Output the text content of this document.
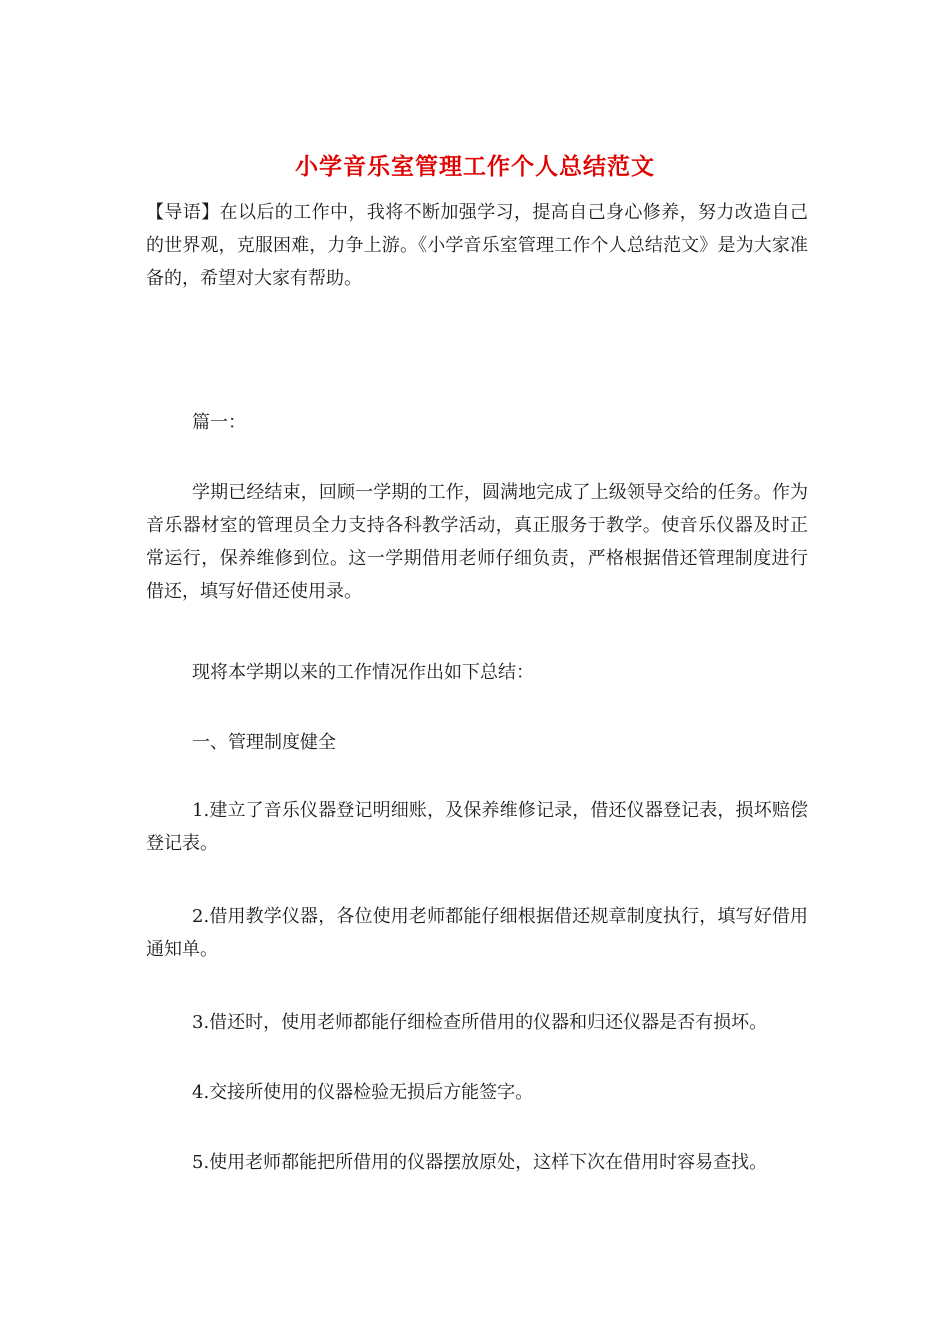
小学音乐室管理工作个人总结范文
【导语】在以后的工作中，我将不断加强学习，提高自己身心修养，努力改造自己的世界观，克服困难，力争上游。《小学音乐室管理工作个人总结范文》是为大家准备的，希望对大家有帮助。
篇一：
学期已经结束，回顾一学期的工作，圆满地完成了上级领导交给的任务。作为音乐器材室的管理员全力支持各科教学活动，真正服务于教学。使音乐仪器及时正常运行，保养维修到位。这一学期借用老师仔细负责，严格根据借还管理制度进行借还，填写好借还使用录。
现将本学期以来的工作情况作出如下总结：
一、管理制度健全
1.建立了音乐仪器登记明细账，及保养维修记录，借还仪器登记表，损坏赔偿登记表。
2.借用教学仪器，各位使用老师都能仔细根据借还规章制度执行，填写好借用通知单。
3.借还时，使用老师都能仔细检查所借用的仪器和归还仪器是否有损坏。
4.交接所使用的仪器检验无损后方能签字。
5.使用老师都能把所借用的仪器摆放原处，这样下次在借用时容易查找。
